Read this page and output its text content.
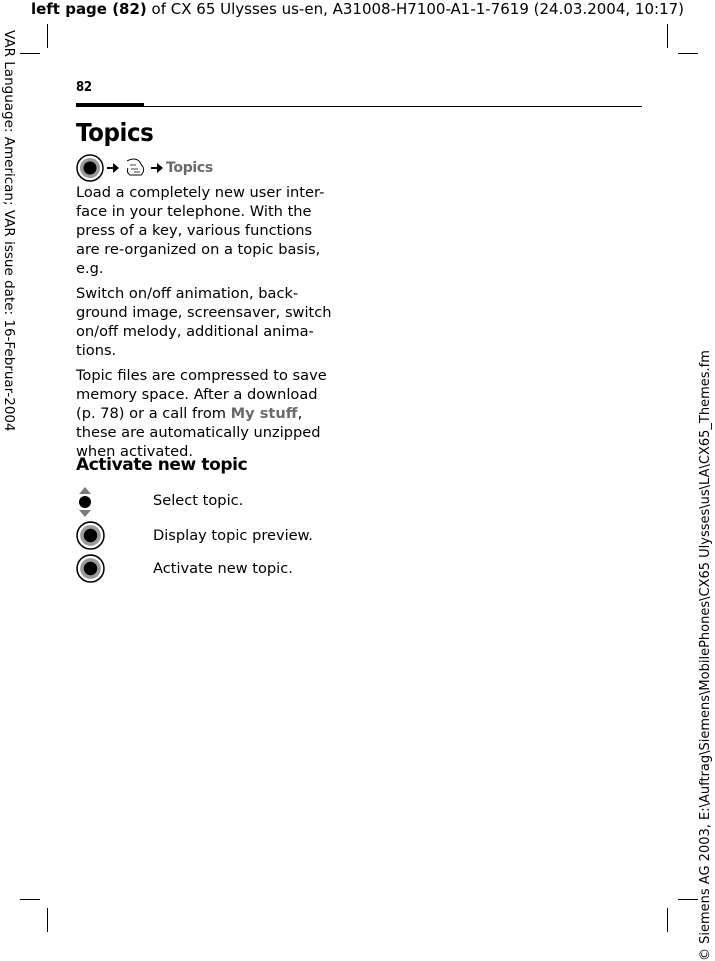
left page (82) of CX 65 Ulysses us-en, A31008-H7100-A1-1-7619 (24.03.2004, 10:17)
VAR Language: American; VAR issue date: 16-Februar-2004
© Siemens AG 2003, E:\Auftrag\Siemens\MobilePhones\CX65 Ulysses\us\LA\CX65_Themes.fm
82
Topics
Topics

Load a completely new user inter-face in your telephone. With the press of a key, various functions are re-organized on a topic basis, e.g.

Switch on/off animation, back-ground image, screensaver, switch on/off melody, additional anima-tions.

Topic files are compressed to save memory space. After a download (p. 78) or a call from My stuff, these are automatically unzipped when activated.

Activate new topic
Select topic.
Display topic preview.
Activate new topic.
